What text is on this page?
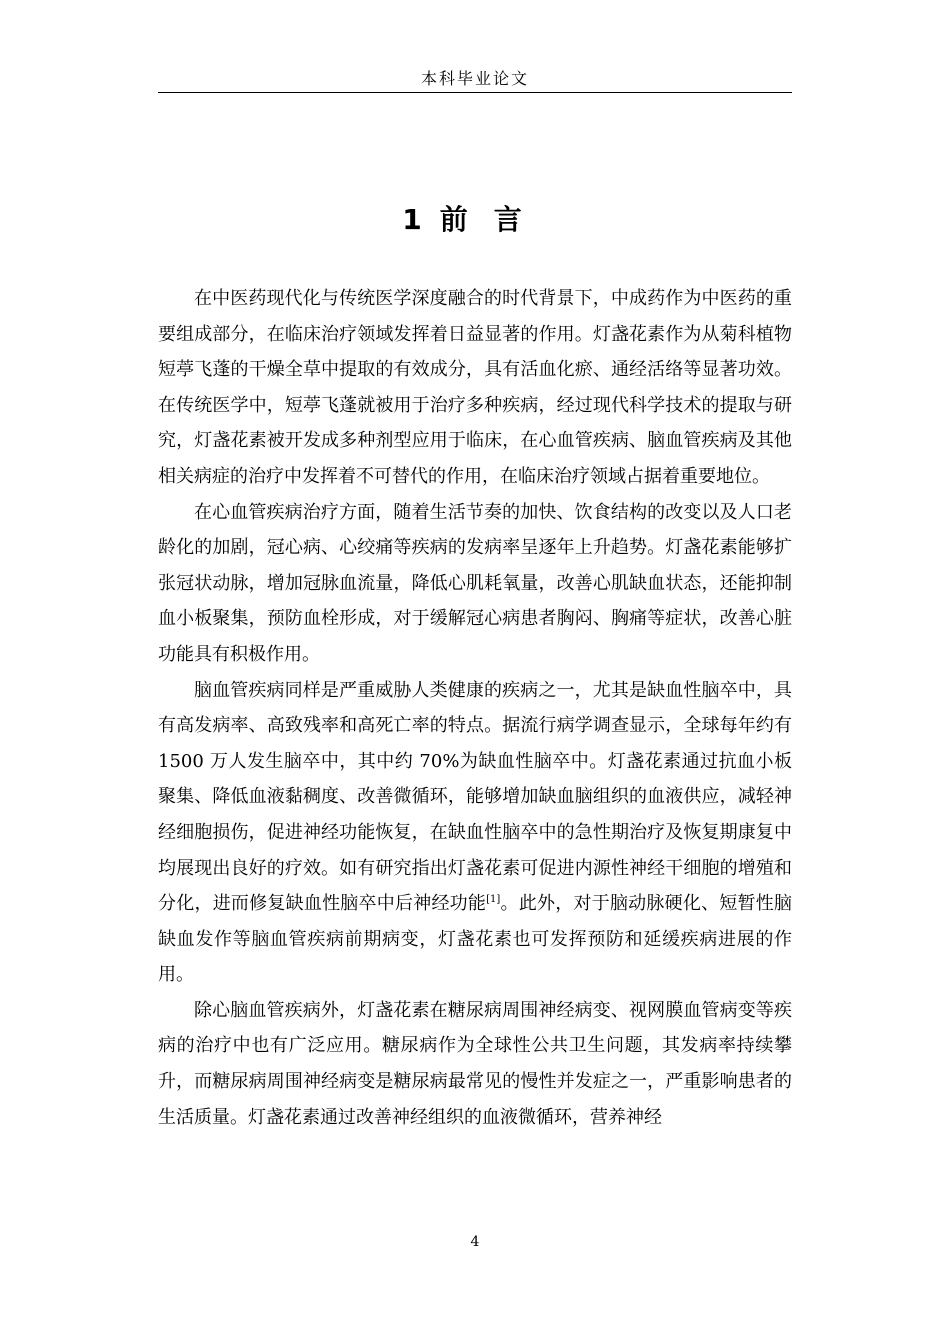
本科毕业论文
1 前言

在中医药现代化与传统医学深度融合的时代背景下，中成药作为中医药的重要组成部分，在临床治疗领域发挥着日益显著的作用。灯盏花素作为从菊科植物短葶飞蓬的干燥全草中提取的有效成分，具有活血化瘀、通经活络等显著功效。在传统医学中，短葶飞蓬就被用于治疗多种疾病，经过现代科学技术的提取与研究，灯盏花素被开发成多种剂型应用于临床，在心血管疾病、脑血管疾病及其他相关病症的治疗中发挥着不可替代的作用，在临床治疗领域占据着重要地位。

在心血管疾病治疗方面，随着生活节奏的加快、饮食结构的改变以及人口老龄化的加剧，冠心病、心绞痛等疾病的发病率呈逐年上升趋势。灯盏花素能够扩张冠状动脉，增加冠脉血流量，降低心肌耗氧量，改善心肌缺血状态，还能抑制血小板聚集，预防血栓形成，对于缓解冠心病患者胸闷、胸痛等症状，改善心脏功能具有积极作用。

脑血管疾病同样是严重威胁人类健康的疾病之一，尤其是缺血性脑卒中，具有高发病率、高致残率和高死亡率的特点。据流行病学调查显示，全球每年约有 1500 万人发生脑卒中，其中约 70%为缺血性脑卒中。灯盏花素通过抗血小板聚集、降低血液黏稠度、改善微循环，能够增加缺血脑组织的血液供应，减轻神经细胞损伤，促进神经功能恢复，在缺血性脑卒中的急性期治疗及恢复期康复中均展现出良好的疗效。如有研究指出灯盏花素可促进内源性神经干细胞的增殖和分化，进而修复缺血性脑卒中后神经功能[1]。此外，对于脑动脉硬化、短暂性脑缺血发作等脑血管疾病前期病变，灯盏花素也可发挥预防和延缓疾病进展的作用。

除心脑血管疾病外，灯盏花素在糖尿病周围神经病变、视网膜血管病变等疾病的治疗中也有广泛应用。糖尿病作为全球性公共卫生问题，其发病率持续攀升，而糖尿病周围神经病变是糖尿病最常见的慢性并发症之一，严重影响患者的生活质量。灯盏花素通过改善神经组织的血液微循环，营养神经

4
